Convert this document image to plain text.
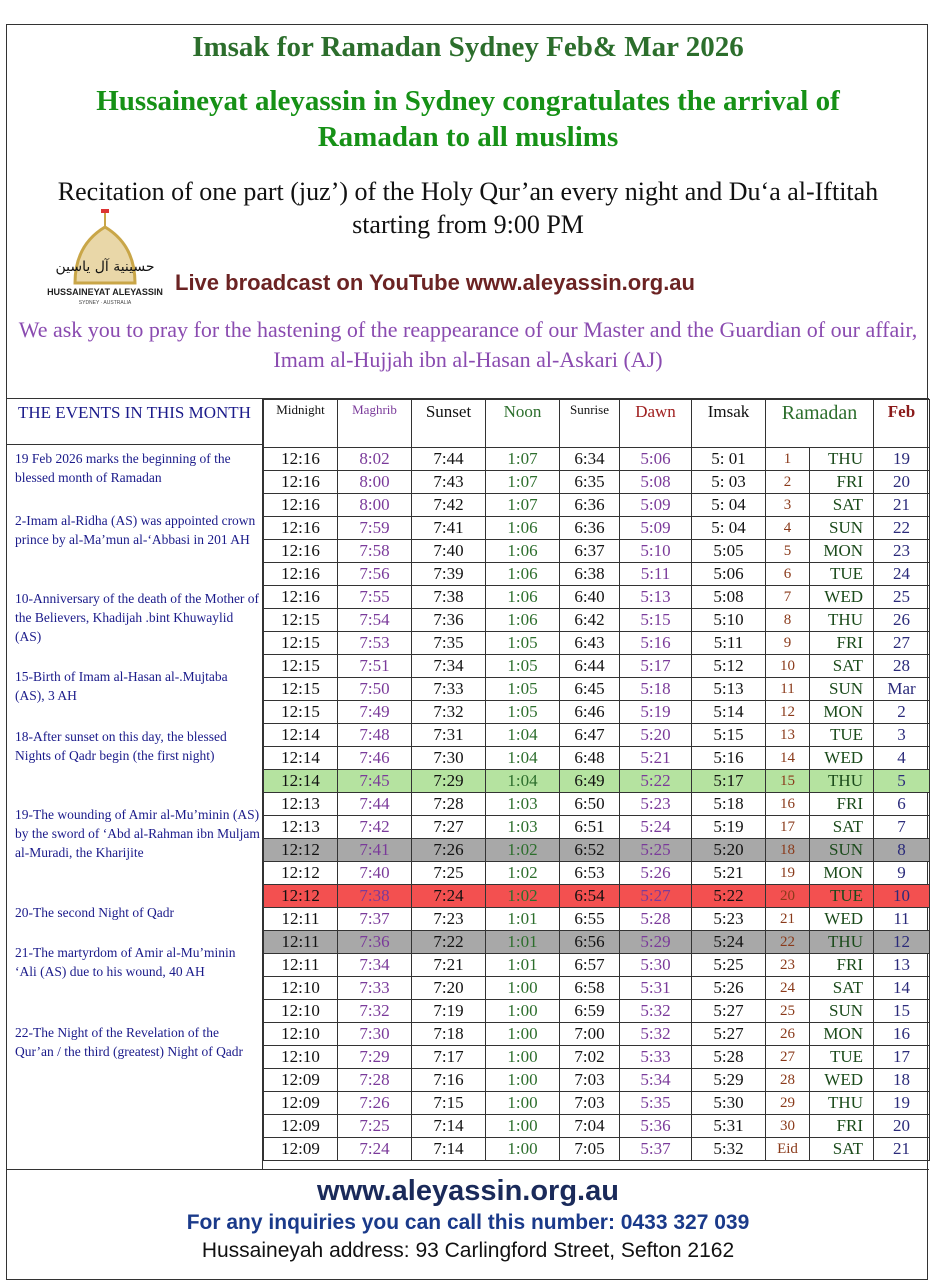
Imsak for Ramadan Sydney Feb& Mar 2026
Hussaineyat aleyassin in Sydney congratulates the arrival of Ramadan to all muslims
Recitation of one part (juz’) of the Holy Qur’an every night and Du‘a al-Iftitah starting from 9:00 PM
حسينية آل ياسين
HUSSAINEYAT ALEYASSIN
SYDNEY · AUSTRALIA
Live broadcast on YouTube www.aleyassin.org.au
We ask you to pray for the hastening of the reappearance of our Master and the Guardian of our affair, Imam al-Hujjah ibn al-Hasan al-Askari (AJ)
THE EVENTS IN THIS MONTH
19 Feb 2026 marks the beginning of the blessed month of Ramadan
2-Imam al-Ridha (AS) was appointed crown prince by al-Ma’mun al-‘Abbasi in 201 AH
10-Anniversary of the death of the Mother of the Believers, Khadijah .bint Khuwaylid (AS)
15-Birth of Imam al-Hasan al-.Mujtaba (AS), 3 AH
18-After sunset on this day, the blessed Nights of Qadr begin (the first night)
19-The wounding of Amir al-Mu’minin (AS) by the sword of ‘Abd al-Rahman ibn Muljam al-Muradi, the Kharijite
20-The second Night of Qadr
21-The martyrdom of Amir al-Mu’minin ‘Ali (AS) due to his wound, 40 AH
22-The Night of the Revelation of the Qur’an / the third (greatest) Night of Qadr
Midnight	Maghrib	Sunset	Noon	Sunrise	Dawn	Imsak	Ramadan		Feb
12:16	8:02	7:44	1:07	6:34	5:06	5: 01	1	THU	19
12:16	8:00	7:43	1:07	6:35	5:08	5: 03	2	FRI	20
12:16	8:00	7:42	1:07	6:36	5:09	5: 04	3	SAT	21
12:16	7:59	7:41	1:06	6:36	5:09	5: 04	4	SUN	22
12:16	7:58	7:40	1:06	6:37	5:10	5:05	5	MON	23
12:16	7:56	7:39	1:06	6:38	5:11	5:06	6	TUE	24
12:16	7:55	7:38	1:06	6:40	5:13	5:08	7	WED	25
12:15	7:54	7:36	1:06	6:42	5:15	5:10	8	THU	26
12:15	7:53	7:35	1:05	6:43	5:16	5:11	9	FRI	27
12:15	7:51	7:34	1:05	6:44	5:17	5:12	10	SAT	28
12:15	7:50	7:33	1:05	6:45	5:18	5:13	11	SUN	Mar
12:15	7:49	7:32	1:05	6:46	5:19	5:14	12	MON	2
12:14	7:48	7:31	1:04	6:47	5:20	5:15	13	TUE	3
12:14	7:46	7:30	1:04	6:48	5:21	5:16	14	WED	4
12:14	7:45	7:29	1:04	6:49	5:22	5:17	15	THU	5
12:13	7:44	7:28	1:03	6:50	5:23	5:18	16	FRI	6
12:13	7:42	7:27	1:03	6:51	5:24	5:19	17	SAT	7
12:12	7:41	7:26	1:02	6:52	5:25	5:20	18	SUN	8
12:12	7:40	7:25	1:02	6:53	5:26	5:21	19	MON	9
12:12	7:38	7:24	1:02	6:54	5:27	5:22	20	TUE	10
12:11	7:37	7:23	1:01	6:55	5:28	5:23	21	WED	11
12:11	7:36	7:22	1:01	6:56	5:29	5:24	22	THU	12
12:11	7:34	7:21	1:01	6:57	5:30	5:25	23	FRI	13
12:10	7:33	7:20	1:00	6:58	5:31	5:26	24	SAT	14
12:10	7:32	7:19	1:00	6:59	5:32	5:27	25	SUN	15
12:10	7:30	7:18	1:00	7:00	5:32	5:27	26	MON	16
12:10	7:29	7:17	1:00	7:02	5:33	5:28	27	TUE	17
12:09	7:28	7:16	1:00	7:03	5:34	5:29	28	WED	18
12:09	7:26	7:15	1:00	7:03	5:35	5:30	29	THU	19
12:09	7:25	7:14	1:00	7:04	5:36	5:31	30	FRI	20
12:09	7:24	7:14	1:00	7:05	5:37	5:32	Eid	SAT	21
www.aleyassin.org.au
For any inquiries you can call this number: 0433 327 039
Hussaineyah address: 93 Carlingford Street, Sefton 2162
